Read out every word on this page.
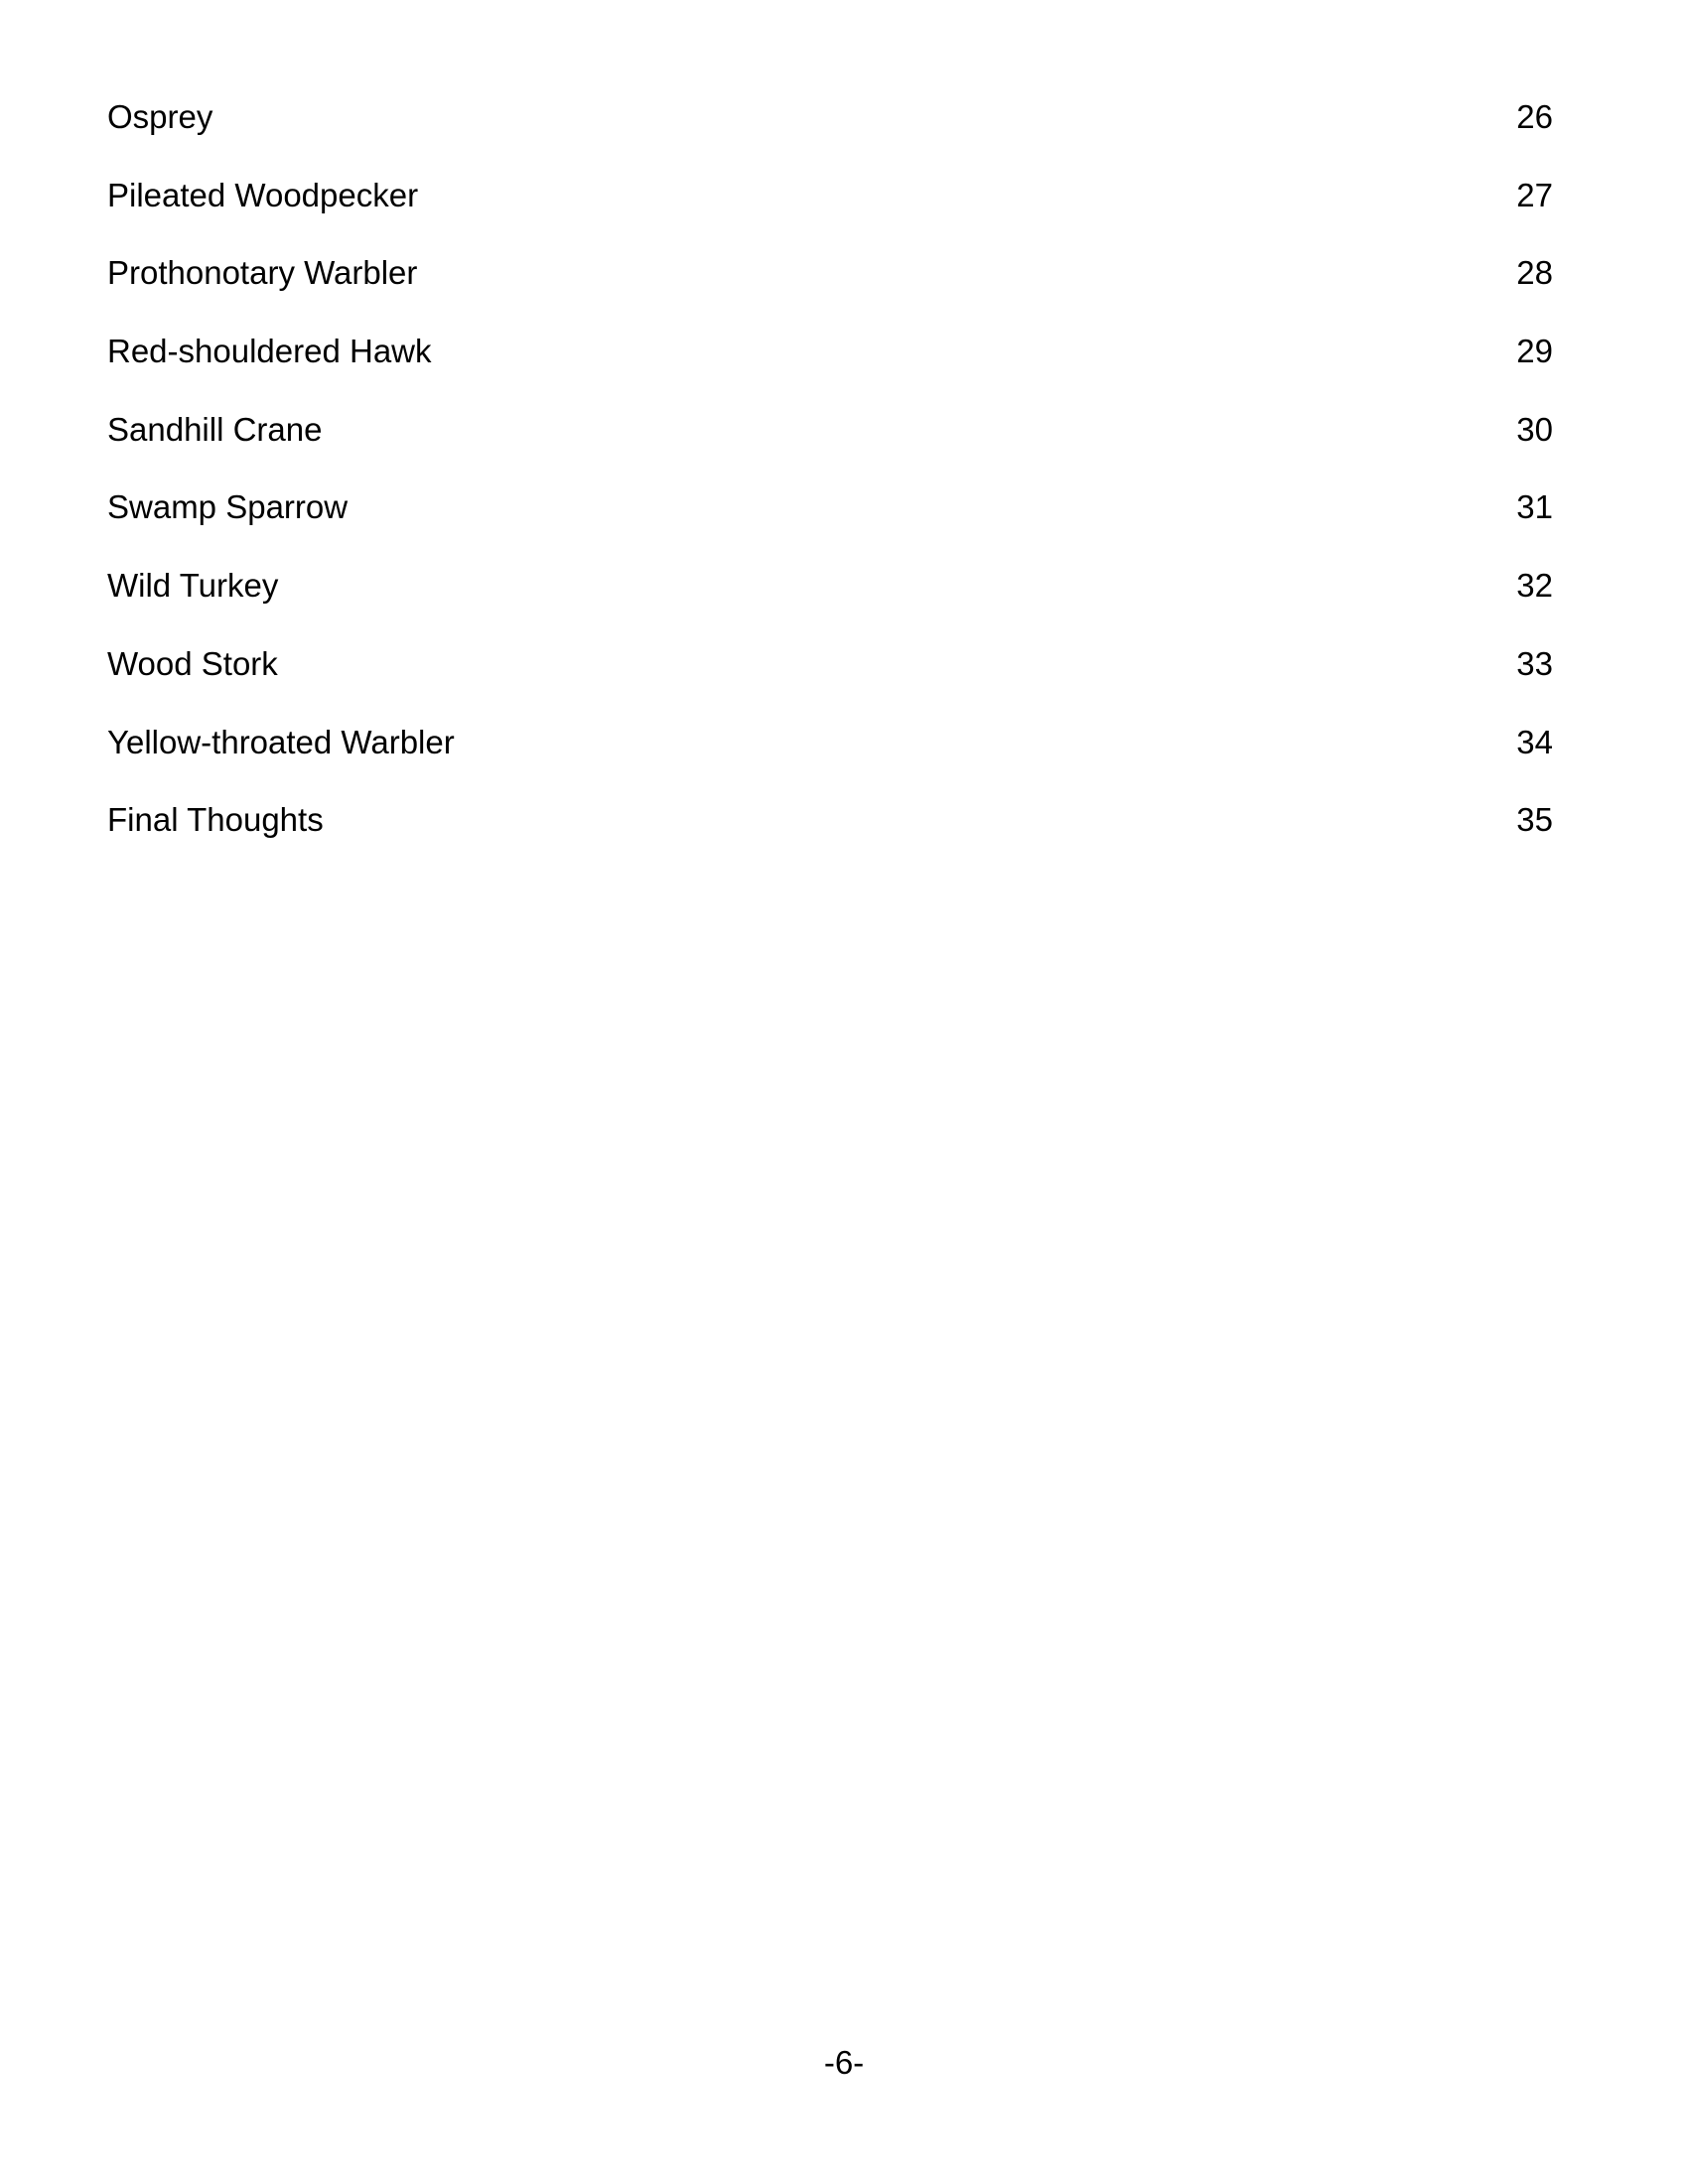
Osprey	26
Pileated Woodpecker	27
Prothonotary Warbler	28
Red-shouldered Hawk	29
Sandhill Crane	30
Swamp Sparrow	31
Wild Turkey	32
Wood Stork	33
Yellow-throated Warbler	34
Final Thoughts	35
-6-
